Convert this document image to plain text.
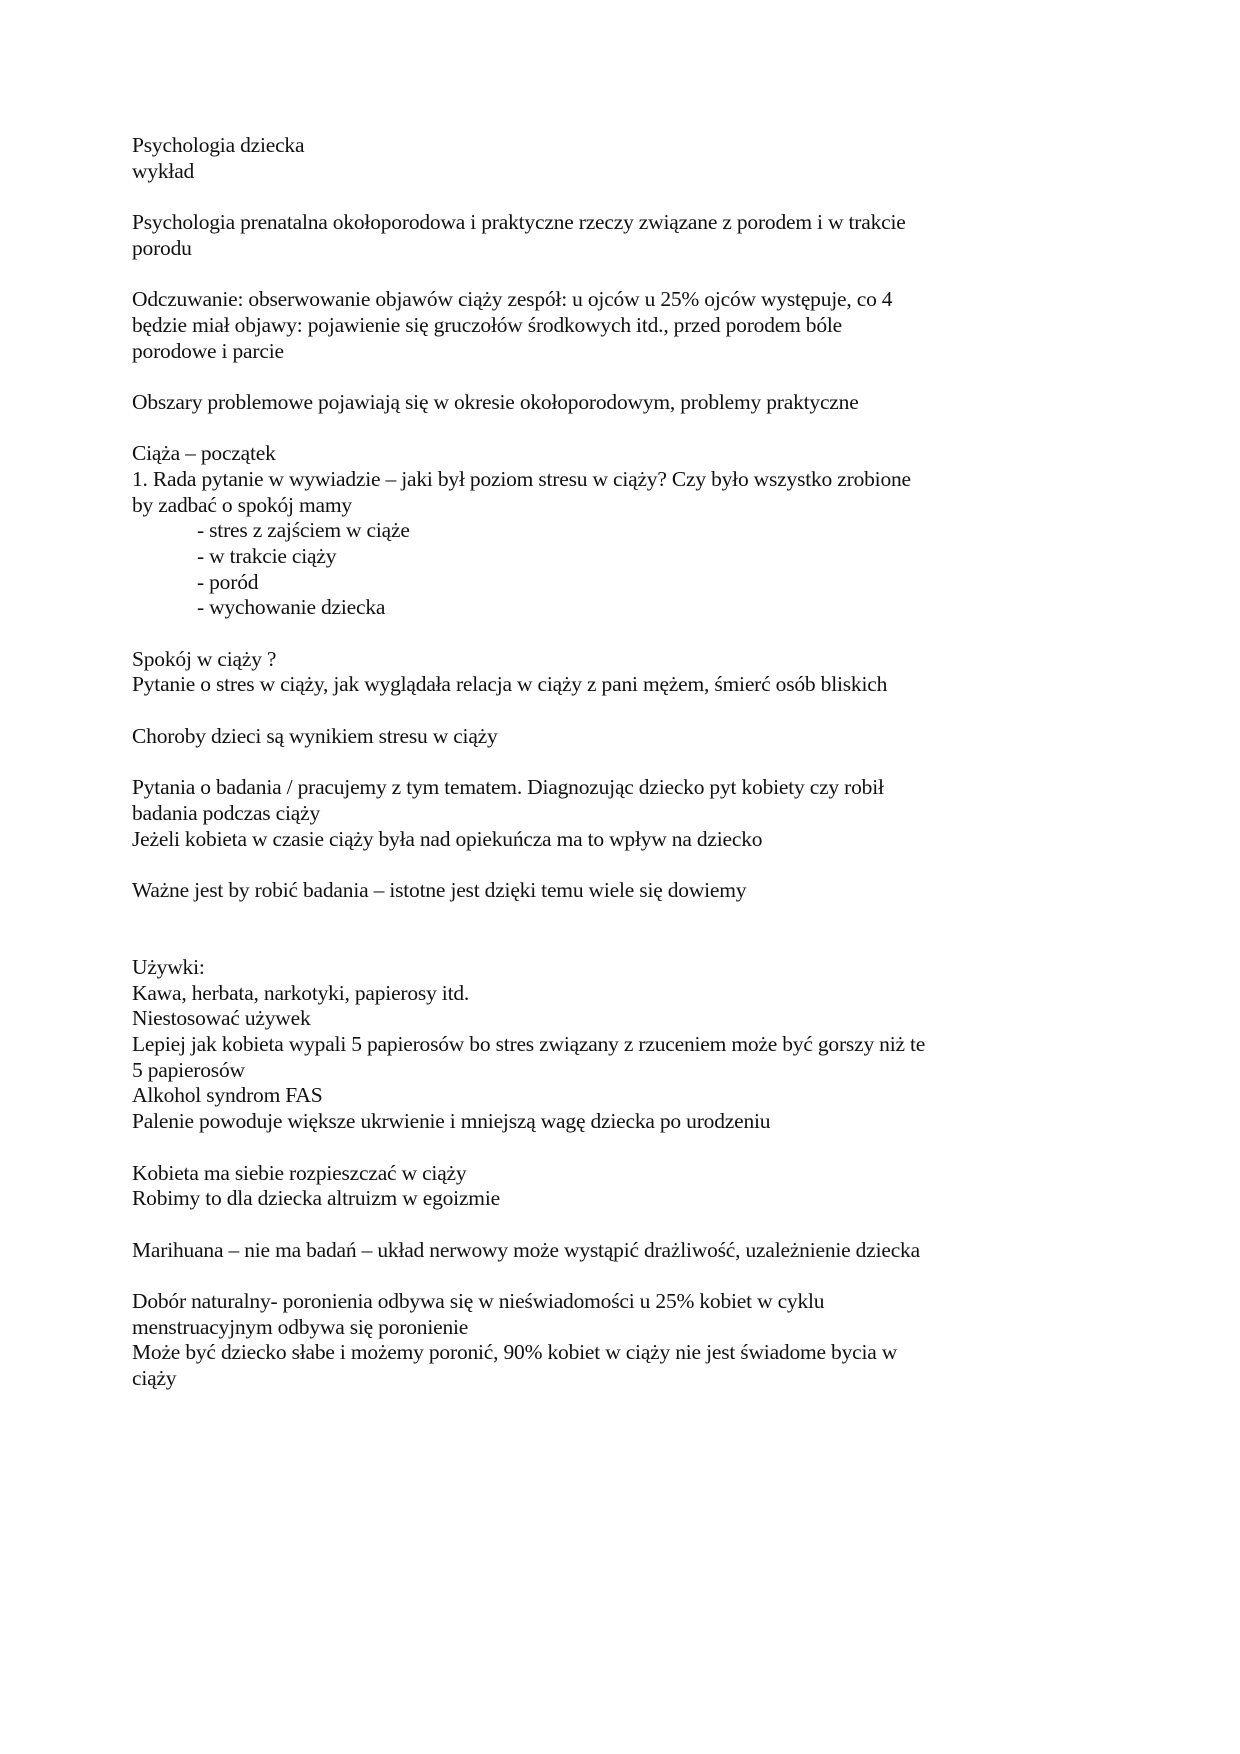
Psychologia dziecka
wykład
Psychologia prenatalna okołoporodowa i praktyczne rzeczy związane z porodem i w trakcie
porodu
Odczuwanie: obserwowanie objawów ciąży zespół: u ojców u 25% ojców występuje, co 4
będzie miał objawy: pojawienie się gruczołów środkowych itd., przed porodem bóle
porodowe i parcie
Obszary problemowe pojawiają się w okresie okołoporodowym, problemy praktyczne
Ciąża – początek
1. Rada pytanie w wywiadzie – jaki był poziom stresu w ciąży? Czy było wszystko zrobione
by zadbać o spokój mamy
- stres z zajściem w ciąże
- w trakcie ciąży
- poród
- wychowanie dziecka
Spokój w ciąży ?
Pytanie o stres w ciąży, jak wyglądała relacja w ciąży z pani mężem, śmierć osób bliskich
Choroby dzieci są wynikiem stresu w ciąży
Pytania o badania / pracujemy z tym tematem. Diagnozując dziecko pyt kobiety czy robił
badania podczas ciąży
Jeżeli kobieta w czasie ciąży była nad opiekuńcza ma to wpływ na dziecko
Ważne jest by robić badania – istotne jest dzięki temu wiele się dowiemy
Używki:
Kawa, herbata, narkotyki, papierosy itd.
Niestosować używek
Lepiej jak kobieta wypali 5 papierosów bo stres związany z rzuceniem może być gorszy niż te
5 papierosów
Alkohol syndrom FAS
Palenie powoduje większe ukrwienie i mniejszą wagę dziecka po urodzeniu
Kobieta ma siebie rozpieszczać w ciąży
Robimy to dla dziecka altruizm w egoizmie
Marihuana – nie ma badań – układ nerwowy może wystąpić drażliwość, uzależnienie dziecka
Dobór naturalny- poronienia odbywa się w nieświadomości u 25% kobiet w cyklu
menstruacyjnym odbywa się poronienie
Może być dziecko słabe i możemy poronić, 90% kobiet w ciąży nie jest świadome bycia w
ciąży
